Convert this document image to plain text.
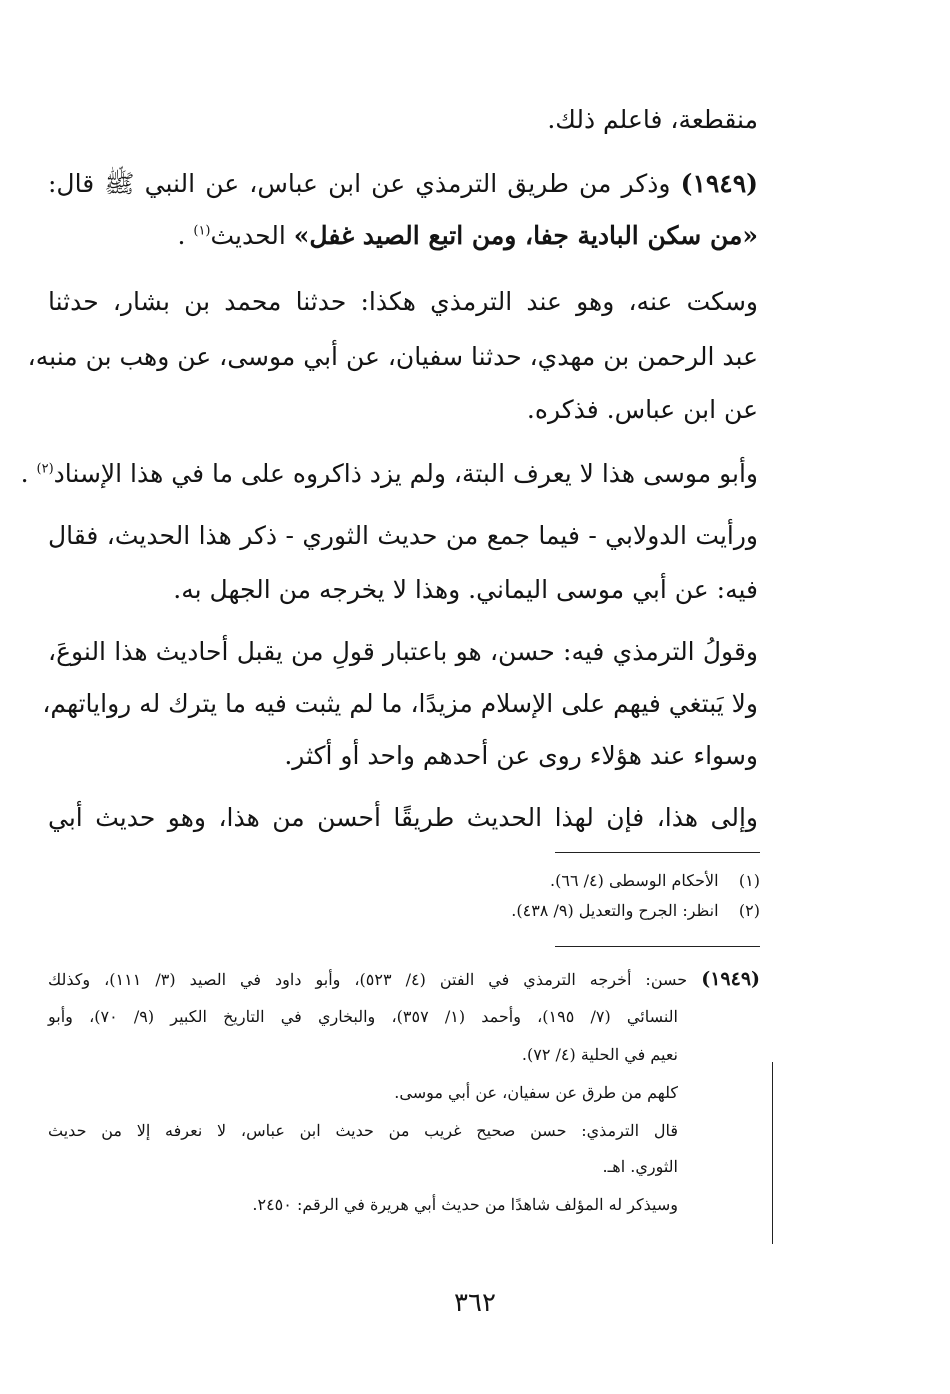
منقطعة، فاعلم ذلك.
(١٩٤٩) وذكر من طريق الترمذي عن ابن عباس، عن النبي ﷺ قال:
«من سكن البادية جفا، ومن اتبع الصيد غفل» الحديث$^{(١)}$ .
وسكت عنه، وهو عند الترمذي هكذا: حدثنا محمد بن بشار، حدثنا
عبد الرحمن بن مهدي، حدثنا سفيان، عن أبي موسى، عن وهب بن منبه،
عن ابن عباس. فذكره.
وأبو موسى هذا لا يعرف البتة، ولم يزد ذاكروه على ما في هذا الإسناد$^{(٢)}$ .
ورأيت الدولابي - فيما جمع من حديث الثوري - ذكر هذا الحديث، فقال
فيه: عن أبي موسى اليماني. وهذا لا يخرجه من الجهل به.
وقولُ الترمذي فيه: حسن، هو باعتبار قولِ من يقبل أحاديث هذا النوعَ،
ولا يَبتغي فيهم على الإسلام مزيدًا، ما لم يثبت فيه ما يترك له رواياتهم،
وسواء عند هؤلاء روى عن أحدهم واحد أو أكثر.
وإلى هذا، فإن لهذا الحديث طريقًا أحسن من هذا، وهو حديث أبي
(١)    الأحكام الوسطى (٤/ ٦٦).
(٢)    انظر: الجرح والتعديل (٩/ ٤٣٨).
(١٩٤٩) حسن: أخرجه الترمذي في الفتن (٤/ ٥٢٣)، وأبو داود في الصيد (٣/ ١١١)، وكذلك
النسائي (٧/ ١٩٥)، وأحمد (١/ ٣٥٧)، والبخاري في التاريخ الكبير (٩/ ٧٠)، وأبو
نعيم في الحلية (٤/ ٧٢).
كلهم من طرق عن سفيان، عن أبي موسى.
قال الترمذي: حسن صحيح غريب من حديث ابن عباس، لا نعرفه إلا من حديث
الثوري. اهـ.
وسيذكر له المؤلف شاهدًا من حديث أبي هريرة في الرقم: ٢٤٥٠.
٣٦٢
